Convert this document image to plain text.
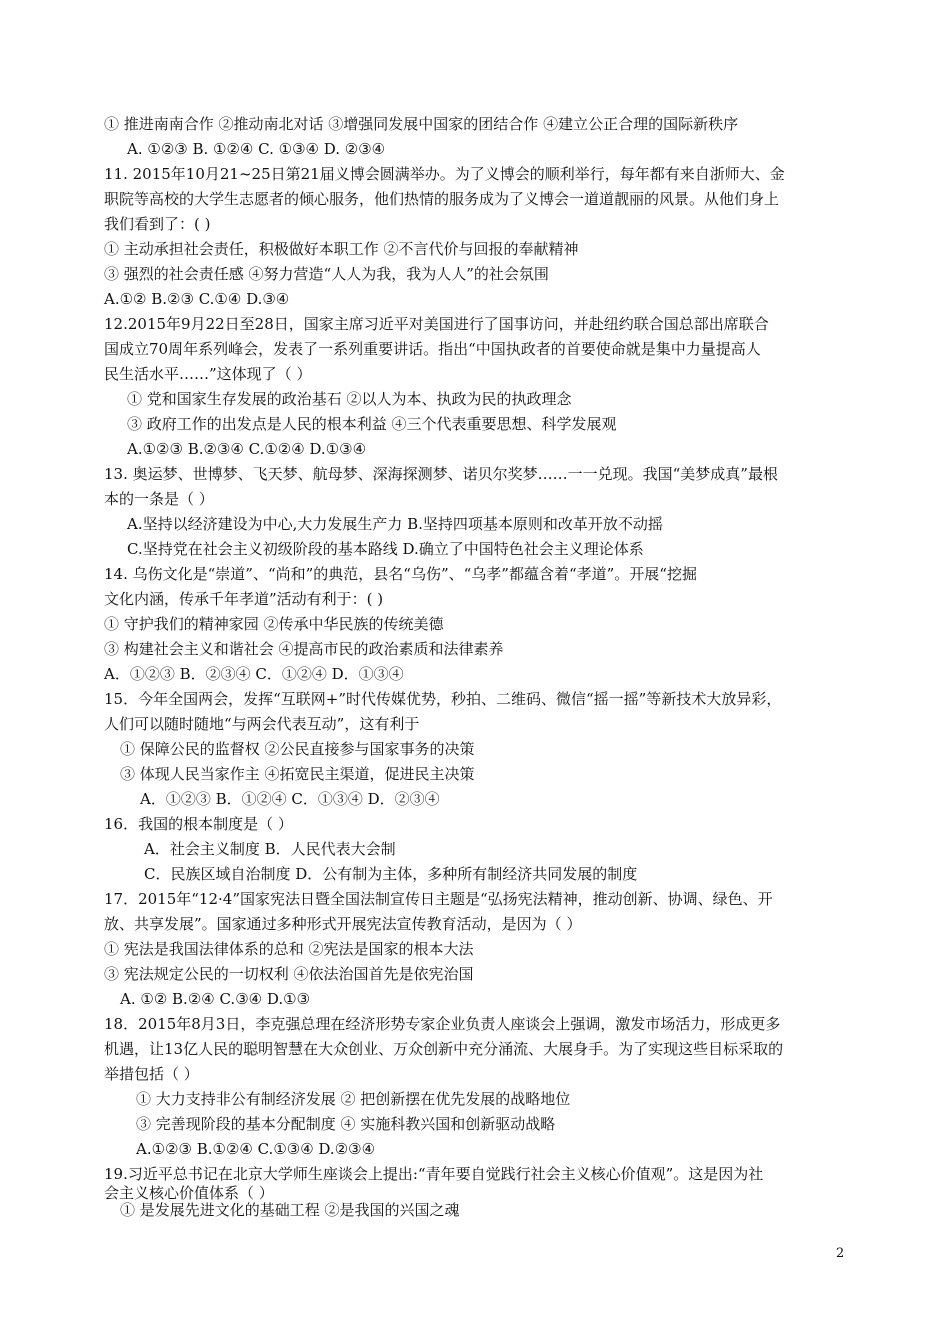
① 推进南南合作 ②推动南北对话 ③增强同发展中国家的团结合作 ④建立公正合理的国际新秩序
A. ①②③ B. ①②④ C. ①③④ D. ②③④
11. 2015年10月21~25日第21届义博会圆满举办。为了义博会的顺利举行，每年都有来自浙师大、金
职院等高校的大学生志愿者的倾心服务，他们热情的服务成为了义博会一道道靓丽的风景。从他们身上
我们看到了：( )
① 主动承担社会责任，积极做好本职工作 ②不言代价与回报的奉献精神
③ 强烈的社会责任感 ④努力营造“人人为我，我为人人”的社会氛围
A.①② B.②③ C.①④ D.③④
12.2015年9月22日至28日，国家主席习近平对美国进行了国事访问，并赴纽约联合国总部出席联合
国成立70周年系列峰会，发表了一系列重要讲话。指出“中国执政者的首要使命就是集中力量提高人
民生活水平……”这体现了（ ）
① 党和国家生存发展的政治基石 ②以人为本、执政为民的执政理念
③ 政府工作的出发点是人民的根本利益 ④三个代表重要思想、科学发展观
A.①②③ B.②③④ C.①②④ D.①③④
13. 奥运梦、世博梦、飞天梦、航母梦、深海探测梦、诺贝尔奖梦……一一兑现。我国“美梦成真”最根
本的一条是（ ）
A.坚持以经济建设为中心,大力发展生产力 B.坚持四项基本原则和改革开放不动摇
C.坚持党在社会主义初级阶段的基本路线 D.确立了中国特色社会主义理论体系
14. 乌伤文化是“崇道”、“尚和”的典范，县名“乌伤”、“乌孝”都蕴含着“孝道”。开展“挖掘
文化内涵，传承千年孝道”活动有利于：( )
① 守护我们的精神家园 ②传承中华民族的传统美德
③ 构建社会主义和谐社会 ④提高市民的政治素质和法律素养
A．①②③ B．②③④ C．①②④ D．①③④
15．今年全国两会，发挥“互联网+”时代传媒优势，秒拍、二维码、微信“摇一摇”等新技术大放异彩，
人们可以随时随地“与两会代表互动”，这有利于
① 保障公民的监督权 ②公民直接参与国家事务的决策
③ 体现人民当家作主 ④拓宽民主渠道，促进民主决策
A．①②③ B．①②④ C．①③④ D．②③④
16．我国的根本制度是（ ）
A．社会主义制度 B．人民代表大会制
C．民族区域自治制度 D．公有制为主体，多种所有制经济共同发展的制度
17．2015年“12·4”国家宪法日暨全国法制宣传日主题是“弘扬宪法精神，推动创新、协调、绿色、开
放、共享发展”。国家通过多种形式开展宪法宣传教育活动，是因为（ ）
① 宪法是我国法律体系的总和 ②宪法是国家的根本大法
③ 宪法规定公民的一切权利 ④依法治国首先是依宪治国
A. ①② B.②④ C.③④ D.①③
18．2015年8月3日，李克强总理在经济形势专家企业负责人座谈会上强调，激发市场活力，形成更多
机遇，让13亿人民的聪明智慧在大众创业、万众创新中充分涌流、大展身手。为了实现这些目标采取的
举措包括（ ）
① 大力支持非公有制经济发展 ② 把创新摆在优先发展的战略地位
③ 完善现阶段的基本分配制度 ④ 实施科教兴国和创新驱动战略
A.①②③ B.①②④ C.①③④ D.②③④
19.习近平总书记在北京大学师生座谈会上提出:“青年要自觉践行社会主义核心价值观”。这是因为社
会主义核心价值体系（ ）
① 是发展先进文化的基础工程 ②是我国的兴国之魂
2
